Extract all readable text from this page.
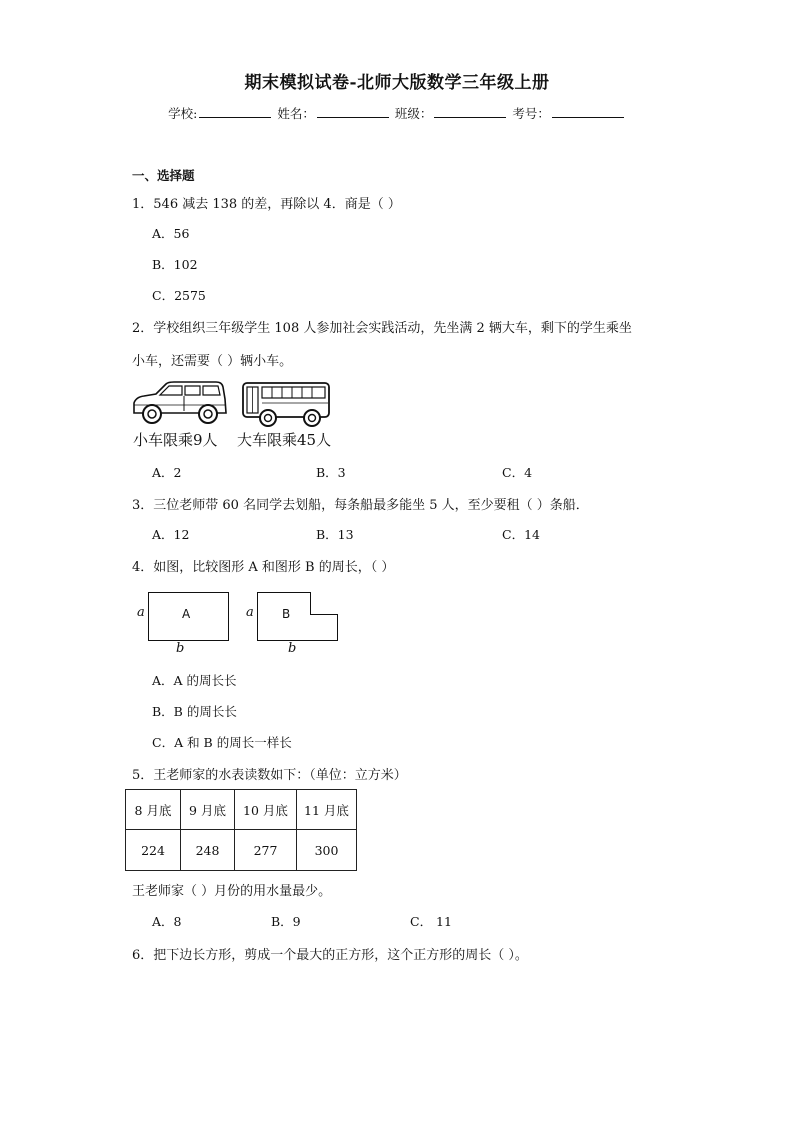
期末模拟试卷-北师大版数学三年级上册
学校:	姓名：	班级：	考号：
一、选择题
1．546 减去 138 的差，再除以 4．商是（ ）
A．56
B．102
C．2575
2．学校组织三年级学生 108 人参加社会实践活动，先坐满 2 辆大车，剩下的学生乘坐
小车，还需要（ ）辆小车。
小车限乘9人 大车限乘45人
A．2	B．3	C．4
3．三位老师带 60 名同学去划船，每条船最多能坐 5 人，至少要租（ ）条船．
A．12	B．13	C．14
4．如图，比较图形 A 和图形 B 的周长，（ ）
a	A
b
a B
b
A．A 的周长长
B．B 的周长长
C．A 和 B 的周长一样长
5．王老师家的水表读数如下：（单位：立方米）
8 月底	9 月底	10 月底	11 月底
224	248	277	300
王老师家（ ）月份的用水量最少。
A．8	B．9	C． 11
6．把下边长方形，剪成一个最大的正方形，这个正方形的周长（ ）。
